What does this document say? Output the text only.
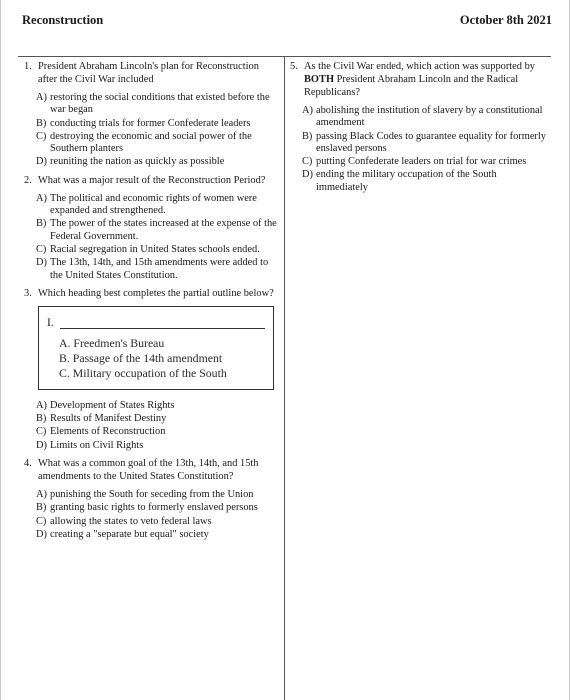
Reconstruction	October 8th 2021
1. President Abraham Lincoln's plan for Reconstruction after the Civil War included
A) restoring the social conditions that existed before the war began
B) conducting trials for former Confederate leaders
C) destroying the economic and social power of the Southern planters
D) reuniting the nation as quickly as possible
2. What was a major result of the Reconstruction Period?
A) The political and economic rights of women were expanded and strengthened.
B) The power of the states increased at the expense of the Federal Government.
C) Racial segregation in United States schools ended.
D) The 13th, 14th, and 15th amendments were added to the United States Constitution.
3. Which heading best completes the partial outline below?
I.
A. Freedmen's Bureau
B. Passage of the 14th amendment
C. Military occupation of the South
A) Development of States Rights
B) Results of Manifest Destiny
C) Elements of Reconstruction
D) Limits on Civil Rights
4. What was a common goal of the 13th, 14th, and 15th amendments to the United States Constitution?
A) punishing the South for seceding from the Union
B) granting basic rights to formerly enslaved persons
C) allowing the states to veto federal laws
D) creating a "separate but equal" society
5. As the Civil War ended, which action was supported by BOTH President Abraham Lincoln and the Radical Republicans?
A) abolishing the institution of slavery by a constitutional amendment
B) passing Black Codes to guarantee equality for formerly enslaved persons
C) putting Confederate leaders on trial for war crimes
D) ending the military occupation of the South immediately
